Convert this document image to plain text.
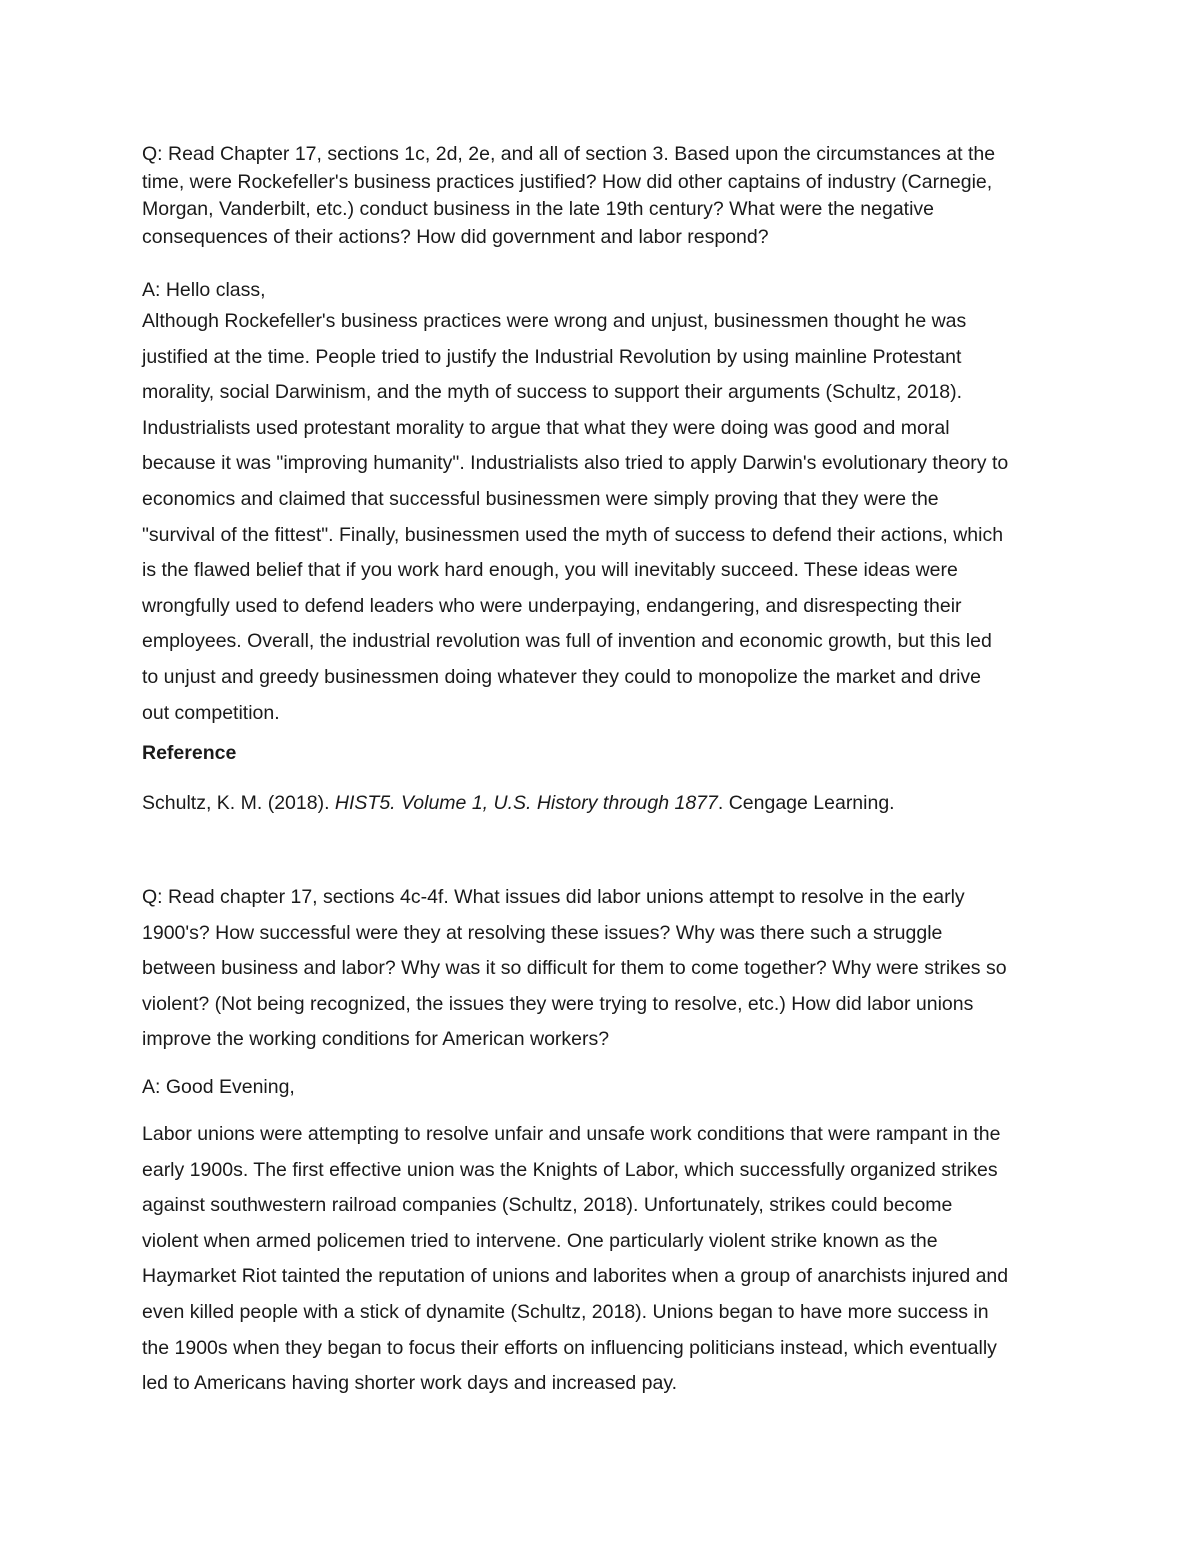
Q: Read Chapter 17, sections 1c, 2d, 2e, and all of section 3. Based upon the circumstances at the
time, were Rockefeller's business practices justified? How did other captains of industry (Carnegie,
Morgan, Vanderbilt, etc.) conduct business in the late 19th century? What were the negative
consequences of their actions? How did government and labor respond?
A: Hello class,
Although Rockefeller's business practices were wrong and unjust, businessmen thought he was
justified at the time. People tried to justify the Industrial Revolution by using mainline Protestant
morality, social Darwinism, and the myth of success to support their arguments (Schultz, 2018).
Industrialists used protestant morality to argue that what they were doing was good and moral
because it was "improving humanity". Industrialists also tried to apply Darwin's evolutionary theory to
economics and claimed that successful businessmen were simply proving that they were the
"survival of the fittest". Finally, businessmen used the myth of success to defend their actions, which
is the flawed belief that if you work hard enough, you will inevitably succeed. These ideas were
wrongfully used to defend leaders who were underpaying, endangering, and disrespecting their
employees. Overall, the industrial revolution was full of invention and economic growth, but this led
to unjust and greedy businessmen doing whatever they could to monopolize the market and drive
out competition.
Reference
Schultz, K. M. (2018). HIST5. Volume 1, U.S. History through 1877. Cengage Learning.
Q: Read chapter 17, sections 4c-4f. What issues did labor unions attempt to resolve in the early
1900's? How successful were they at resolving these issues? Why was there such a struggle
between business and labor? Why was it so difficult for them to come together? Why were strikes so
violent? (Not being recognized, the issues they were trying to resolve, etc.) How did labor unions
improve the working conditions for American workers?
A: Good Evening,
Labor unions were attempting to resolve unfair and unsafe work conditions that were rampant in the
early 1900s. The first effective union was the Knights of Labor, which successfully organized strikes
against southwestern railroad companies (Schultz, 2018). Unfortunately, strikes could become
violent when armed policemen tried to intervene. One particularly violent strike known as the
Haymarket Riot tainted the reputation of unions and laborites when a group of anarchists injured and
even killed people with a stick of dynamite (Schultz, 2018). Unions began to have more success in
the 1900s when they began to focus their efforts on influencing politicians instead, which eventually
led to Americans having shorter work days and increased pay.
